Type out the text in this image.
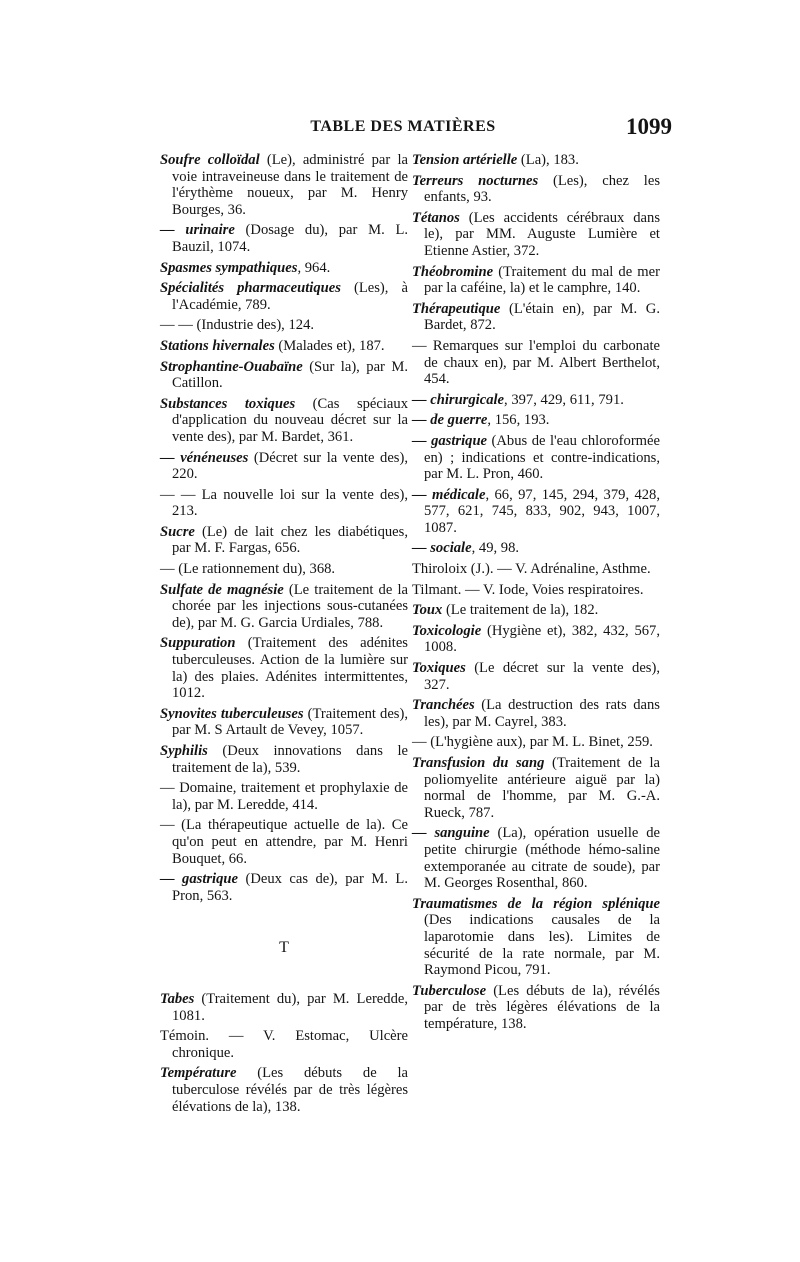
TABLE DES MATIÈRES	1099

Soufre colloïdal (Le), administré par la voie intraveineuse dans le traitement de l'érythème noueux, par M. Henry Bourges, 36.

— urinaire (Dosage du), par M. L. Bauzil, 1074.

Spasmes sympathiques, 964.

Spécialités pharmaceutiques (Les), à l'Académie, 789.

— — (Industrie des), 124.

Stations hivernales (Malades et), 187.

Strophantine-Ouabaïne (Sur la), par M. Catillon.

Substances toxiques (Cas spéciaux d'application du nouveau décret sur la vente des), par M. Bardet, 361.

— vénéneuses (Décret sur la vente des), 220.

— — La nouvelle loi sur la vente des), 213.

Sucre (Le) de lait chez les diabétiques, par M. F. Fargas, 656.

— (Le rationnement du), 368.

Sulfate de magnésie (Le traitement de la chorée par les injections sous-cutanées de), par M. G. Garcia Urdiales, 788.

Suppuration (Traitement des adénites tuberculeuses. Action de la lumière sur la) des plaies. Adénites intermittentes, 1012.

Synovites tuberculeuses (Traitement des), par M. S Artault de Vevey, 1057.

Syphilis (Deux innovations dans le traitement de la), 539.

— Domaine, traitement et prophylaxie de la), par M. Leredde, 414.

— (La thérapeutique actuelle de la). Ce qu'on peut en attendre, par M. Henri Bouquet, 66.

— gastrique (Deux cas de), par M. L. Pron, 563.

T

Tabes (Traitement du), par M. Leredde, 1081.

Témoin. — V. Estomac, Ulcère chronique.

Température (Les débuts de la tuberculose révélés par de très légères élévations de la), 138.

Tension artérielle (La), 183.

Terreurs nocturnes (Les), chez les enfants, 93.

Tétanos (Les accidents cérébraux dans le), par MM. Auguste Lumière et Etienne Astier, 372.

Théobromine (Traitement du mal de mer par la caféine, la) et le camphre, 140.

Thérapeutique (L'étain en), par M. G. Bardet, 872.

— Remarques sur l'emploi du carbonate de chaux en), par M. Albert Berthelot, 454.

— chirurgicale, 397, 429, 611, 791.

— de guerre, 156, 193.

— gastrique (Abus de l'eau chloroformée en) ; indications et contre-indications, par M. L. Pron, 460.

— médicale, 66, 97, 145, 294, 379, 428, 577, 621, 745, 833, 902, 943, 1007, 1087.

— sociale, 49, 98.

Thiroloix (J.). — V. Adrénaline, Asthme.

Tilmant. — V. Iode, Voies respiratoires.

Toux (Le traitement de la), 182.

Toxicologie (Hygiène et), 382, 432, 567, 1008.

Toxiques (Le décret sur la vente des), 327.

Tranchées (La destruction des rats dans les), par M. Cayrel, 383.

— (L'hygiène aux), par M. L. Binet, 259.

Transfusion du sang (Traitement de la poliomyelite antérieure aiguë par la) normal de l'homme, par M. G.-A. Rueck, 787.

— sanguine (La), opération usuelle de petite chirurgie (méthode hémo-saline extemporanée au citrate de soude), par M. Georges Rosenthal, 860.

Traumatismes de la région splénique (Des indications causales de la laparotomie dans les). Limites de sécurité de la rate normale, par M. Raymond Picou, 791.

Tuberculose (Les débuts de la), révélés par de très légères élévations de la température, 138.
